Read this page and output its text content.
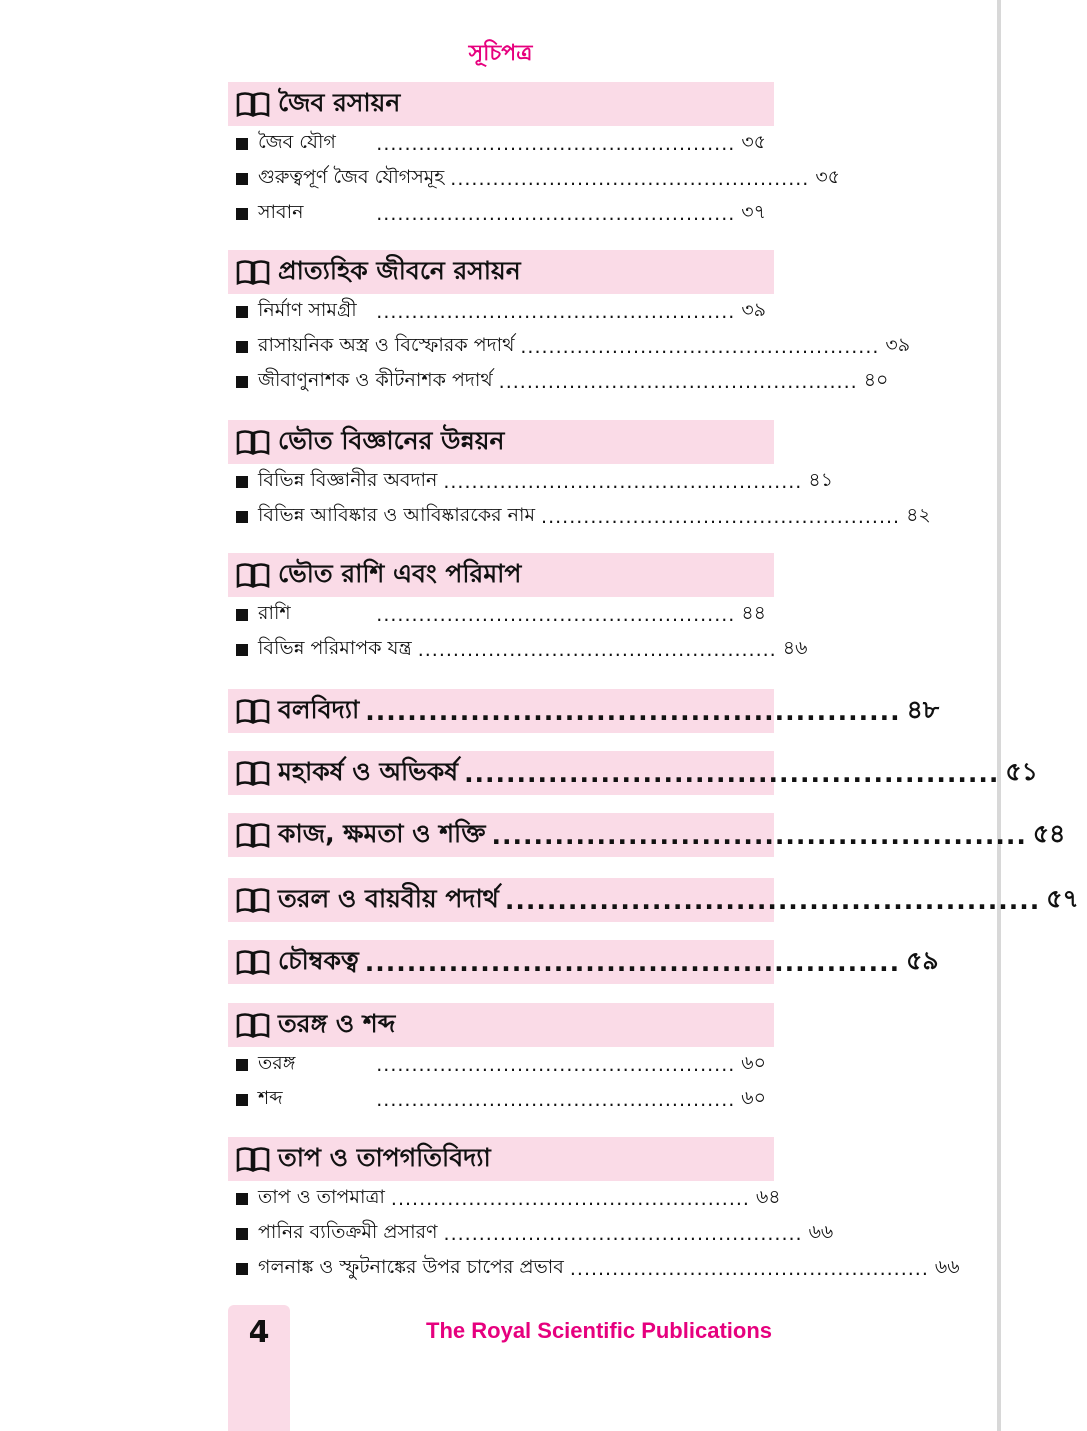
সূচিপত্র
জৈব রসায়ন
জৈব যৌগ	................................................... ৩৫
গুরুত্বপূর্ণ জৈব যৌগসমূহ ................................................... ৩৫
সাবান	................................................... ৩৭
প্রাত্যহিক জীবনে রসায়ন
নির্মাণ সামগ্রী	................................................... ৩৯
রাসায়নিক অস্ত্র ও বিস্ফোরক পদার্থ ................................................... ৩৯
জীবাণুনাশক ও কীটনাশক পদার্থ ................................................... ৪০
ভৌত বিজ্ঞানের উন্নয়ন
বিভিন্ন বিজ্ঞানীর অবদান ................................................... ৪১
বিভিন্ন আবিষ্কার ও আবিষ্কারকের নাম ................................................... ৪২
ভৌত রাশি এবং পরিমাপ
রাশি	................................................... ৪৪
বিভিন্ন পরিমাপক যন্ত্র ................................................... ৪৬
বলবিদ্যা ................................................... ৪৮
মহাকর্ষ ও অভিকর্ষ ................................................... ৫১
কাজ, ক্ষমতা ও শক্তি ................................................... ৫৪
তরল ও বায়বীয় পদার্থ ................................................... ৫৭
চৌম্বকত্ব ................................................... ৫৯
তরঙ্গ ও শব্দ
তরঙ্গ	................................................... ৬০
শব্দ	................................................... ৬০
তাপ ও তাপগতিবিদ্যা
তাপ ও তাপমাত্রা ................................................... ৬৪
পানির ব্যতিক্রমী প্রসারণ ................................................... ৬৬
গলনাঙ্ক ও স্ফুটনাঙ্কের উপর চাপের প্রভাব ................................................... ৬৬
4	The Royal Scientific Publications
